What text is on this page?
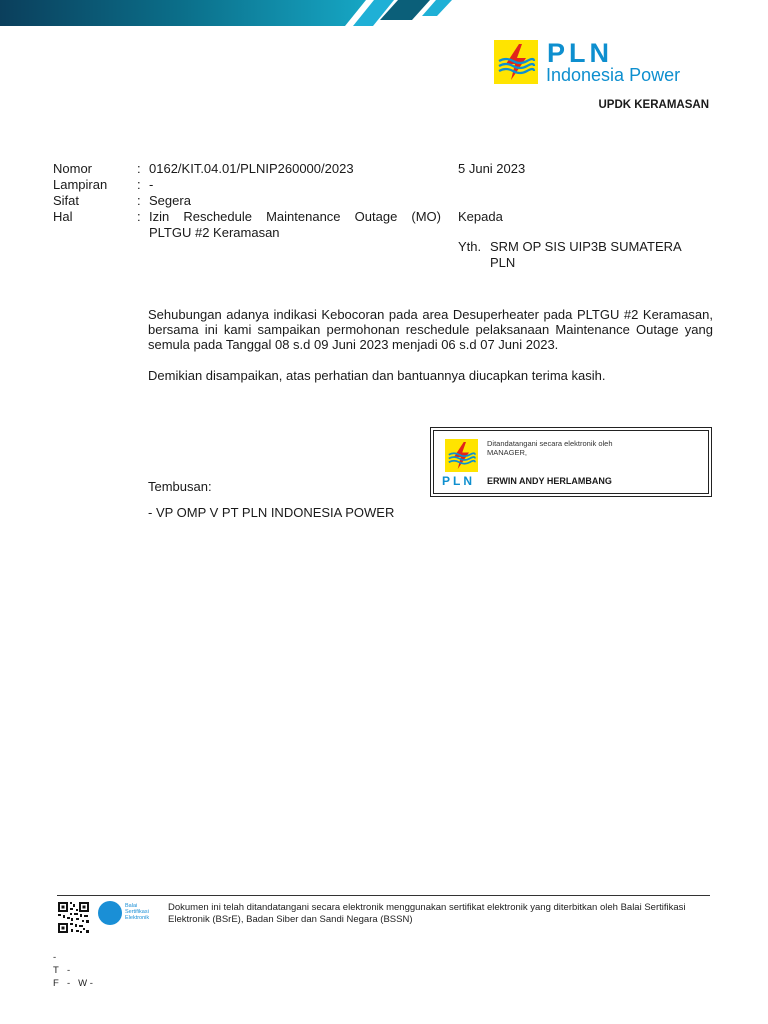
PLN
Indonesia Power
UPDK KERAMASAN
Nomor	: 0162/KIT.04.01/PLNIP260000/2023
Lampiran	: -
Sifat	: Segera
Hal	: Izin Reschedule Maintenance Outage (MO) PLTGU #2 Keramasan
5 Juni 2023
Kepada
Yth. SRM OP SIS UIP3B SUMATERA PLN

Sehubungan adanya indikasi Kebocoran pada area Desuperheater pada PLTGU #2 Keramasan, bersama ini kami sampaikan permohonan reschedule pelaksanaan Maintenance Outage yang semula pada Tanggal 08 s.d 09 Juni 2023 menjadi 06 s.d 07 Juni 2023.

Demikian disampaikan, atas perhatian dan bantuannya diucapkan terima kasih.

PLN
Ditandatangani secara elektronik oleh
MANAGER,
ERWIN ANDY HERLAMBANG
Tembusan:
- VP OMP V PT PLN INDONESIA POWER
Balai Sertifikasi Elektronik
Dokumen ini telah ditandatangani secara elektronik menggunakan sertifikat elektronik yang diterbitkan oleh Balai Sertifikasi Elektronik (BSrE), Badan Siber dan Sandi Negara (BSSN)
-
T -
F -   W -
